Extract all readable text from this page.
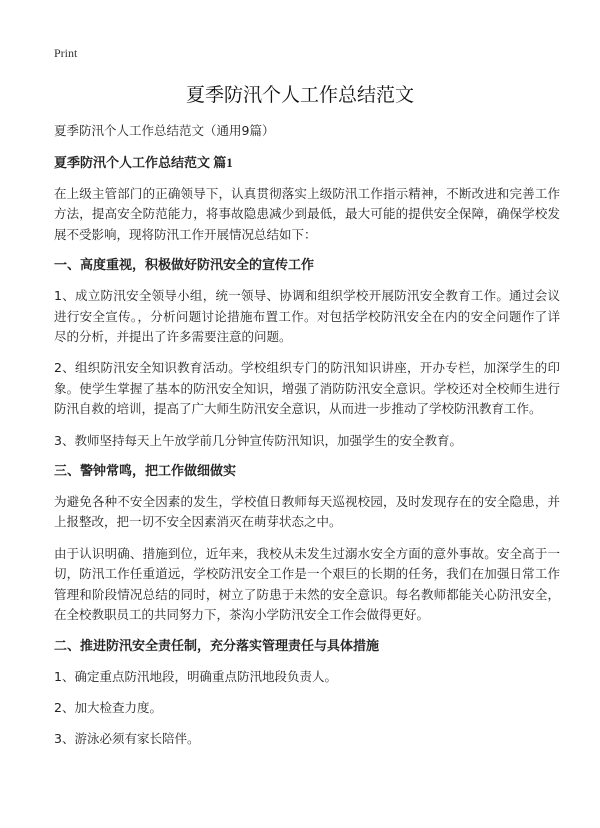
Print
夏季防汛个人工作总结范文

夏季防汛个人工作总结范文（通用9篇）

夏季防汛个人工作总结范文 篇1

在上级主管部门的正确领导下，认真贯彻落实上级防汛工作指示精神，不断改进和完善工作方法，提高安全防范能力，将事故隐患减少到最低，最大可能的提供安全保障，确保学校发展不受影响，现将防汛工作开展情况总结如下：

一、高度重视，积极做好防汛安全的宣传工作

1、成立防汛安全领导小组，统一领导、协调和组织学校开展防汛安全教育工作。通过会议进行安全宣传。，分析问题讨论措施布置工作。对包括学校防汛安全在内的安全问题作了详尽的分析，并提出了许多需要注意的问题。

2、组织防汛安全知识教育活动。学校组织专门的防汛知识讲座，开办专栏，加深学生的印象。使学生掌握了基本的防汛安全知识，增强了消防防汛安全意识。学校还对全校师生进行防汛自救的培训，提高了广大师生防汛安全意识，从而进一步推动了学校防汛教育工作。

3、教师坚持每天上午放学前几分钟宣传防汛知识，加强学生的安全教育。

三、警钟常鸣，把工作做细做实

为避免各种不安全因素的发生，学校值日教师每天巡视校园，及时发现存在的安全隐患，并上报整改，把一切不安全因素消灭在萌芽状态之中。

由于认识明确、措施到位，近年来，我校从未发生过溺水安全方面的意外事故。安全高于一切，防汛工作任重道远，学校防汛安全工作是一个艰巨的长期的任务，我们在加强日常工作管理和阶段情况总结的同时，树立了防患于未然的安全意识。每名教师都能关心防汛安全，在全校教职员工的共同努力下，茶沟小学防汛安全工作会做得更好。

二、推进防汛安全责任制，充分落实管理责任与具体措施

1、确定重点防汛地段，明确重点防汛地段负责人。

2、加大检查力度。

3、游泳必须有家长陪伴。
